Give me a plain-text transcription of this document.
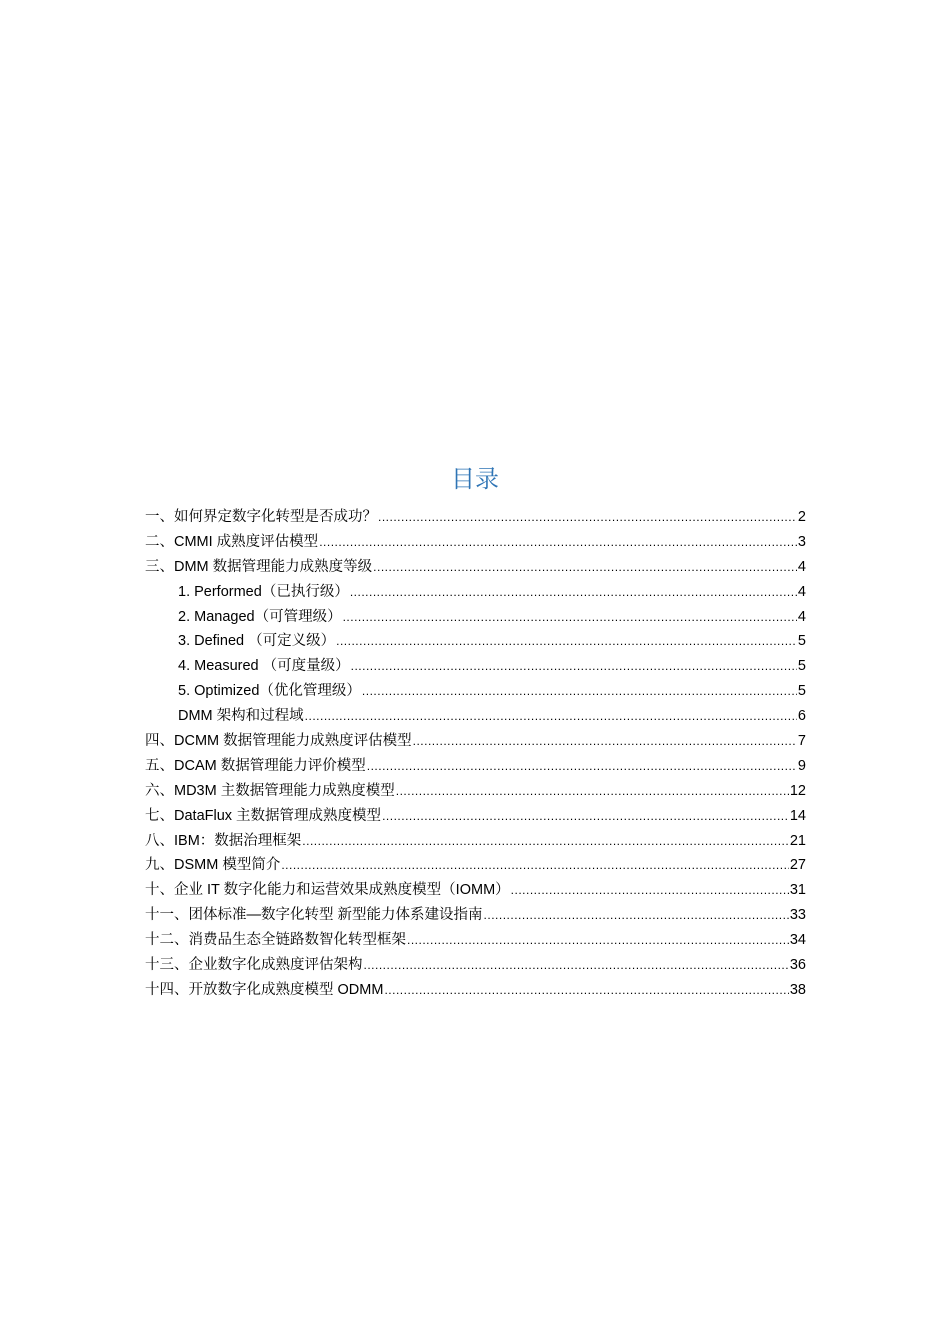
目录
一、如何界定数字化转型是否成功？ .....	2
二、CMMI 成熟度评估模型 .....	3
三、DMM 数据管理能力成熟度等级 .....	4
1. Performed（已执行级） .....	4
2. Managed（可管理级） .....	4
3. Defined （可定义级） .....	5
4. Measured （可度量级） .....	5
5. Optimized（优化管理级） .....	5
DMM 架构和过程域 .....	6
四、DCMM 数据管理能力成熟度评估模型 .....	7
五、DCAM 数据管理能力评价模型 .....	9
六、MD3M 主数据管理能力成熟度模型 .....	12
七、DataFlux 主数据管理成熟度模型 .....	14
八、IBM：数据治理框架 .....	21
九、DSMM 模型简介 .....	27
十、企业 IT 数字化能力和运营效果成熟度模型（IOMM） .....	31
十一、团体标准—数字化转型 新型能力体系建设指南 .....	33
十二、消费品生态全链路数智化转型框架 .....	34
十三、企业数字化成熟度评估架构 .....	36
十四、开放数字化成熟度模型 ODMM .....	38
